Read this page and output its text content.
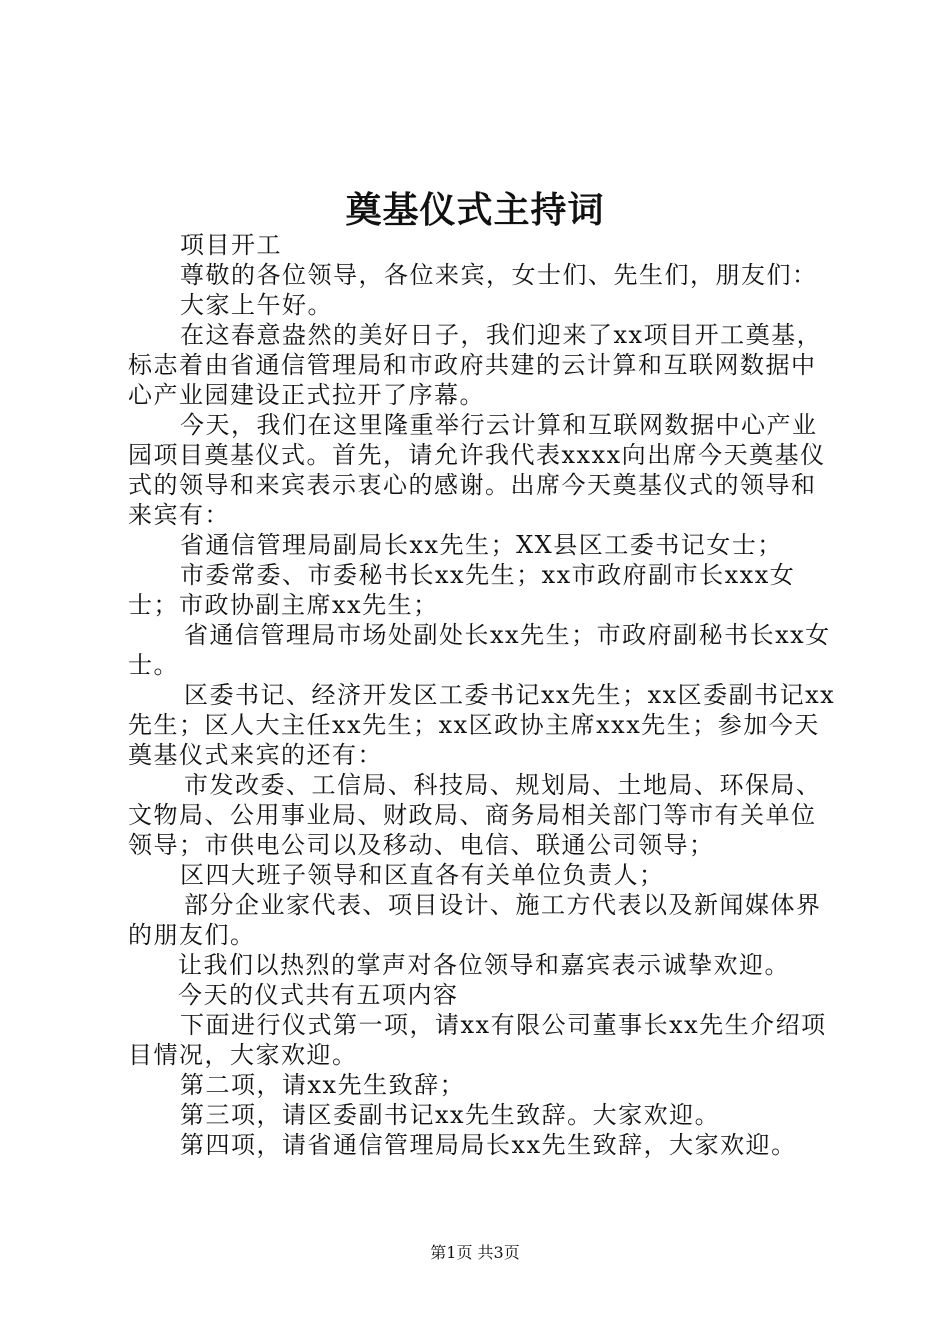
奠基仪式主持词

项目开工

尊敬的各位领导，各位来宾，女士们、先生们，朋友们：

大家上午好。

在这春意盎然的美好日子，我们迎来了xx项目开工奠基，标志着由省通信管理局和市政府共建的云计算和互联网数据中心产业园建设正式拉开了序幕。

今天，我们在这里隆重举行云计算和互联网数据中心产业园项目奠基仪式。首先，请允许我代表xxxx向出席今天奠基仪式的领导和来宾表示衷心的感谢。出席今天奠基仪式的领导和来宾有：

省通信管理局副局长xx先生；XX县区工委书记女士；

市委常委、市委秘书长xx先生；xx市政府副市长xxx女士；市政协副主席xx先生；

省通信管理局市场处副处长xx先生；市政府副秘书长xx女士。

区委书记、经济开发区工委书记xx先生；xx区委副书记xx先生；区人大主任xx先生；xx区政协主席xxx先生；参加今天奠基仪式来宾的还有：

市发改委、工信局、科技局、规划局、土地局、环保局、文物局、公用事业局、财政局、商务局相关部门等市有关单位领导；市供电公司以及移动、电信、联通公司领导；

区四大班子领导和区直各有关单位负责人；

部分企业家代表、项目设计、施工方代表以及新闻媒体界的朋友们。

让我们以热烈的掌声对各位领导和嘉宾表示诚挚欢迎。

今天的仪式共有五项内容

下面进行仪式第一项，请xx有限公司董事长xx先生介绍项目情况，大家欢迎。

第二项，请xx先生致辞；

第三项，请区委副书记xx先生致辞。大家欢迎。

第四项，请省通信管理局局长xx先生致辞，大家欢迎。

第1页 共3页
